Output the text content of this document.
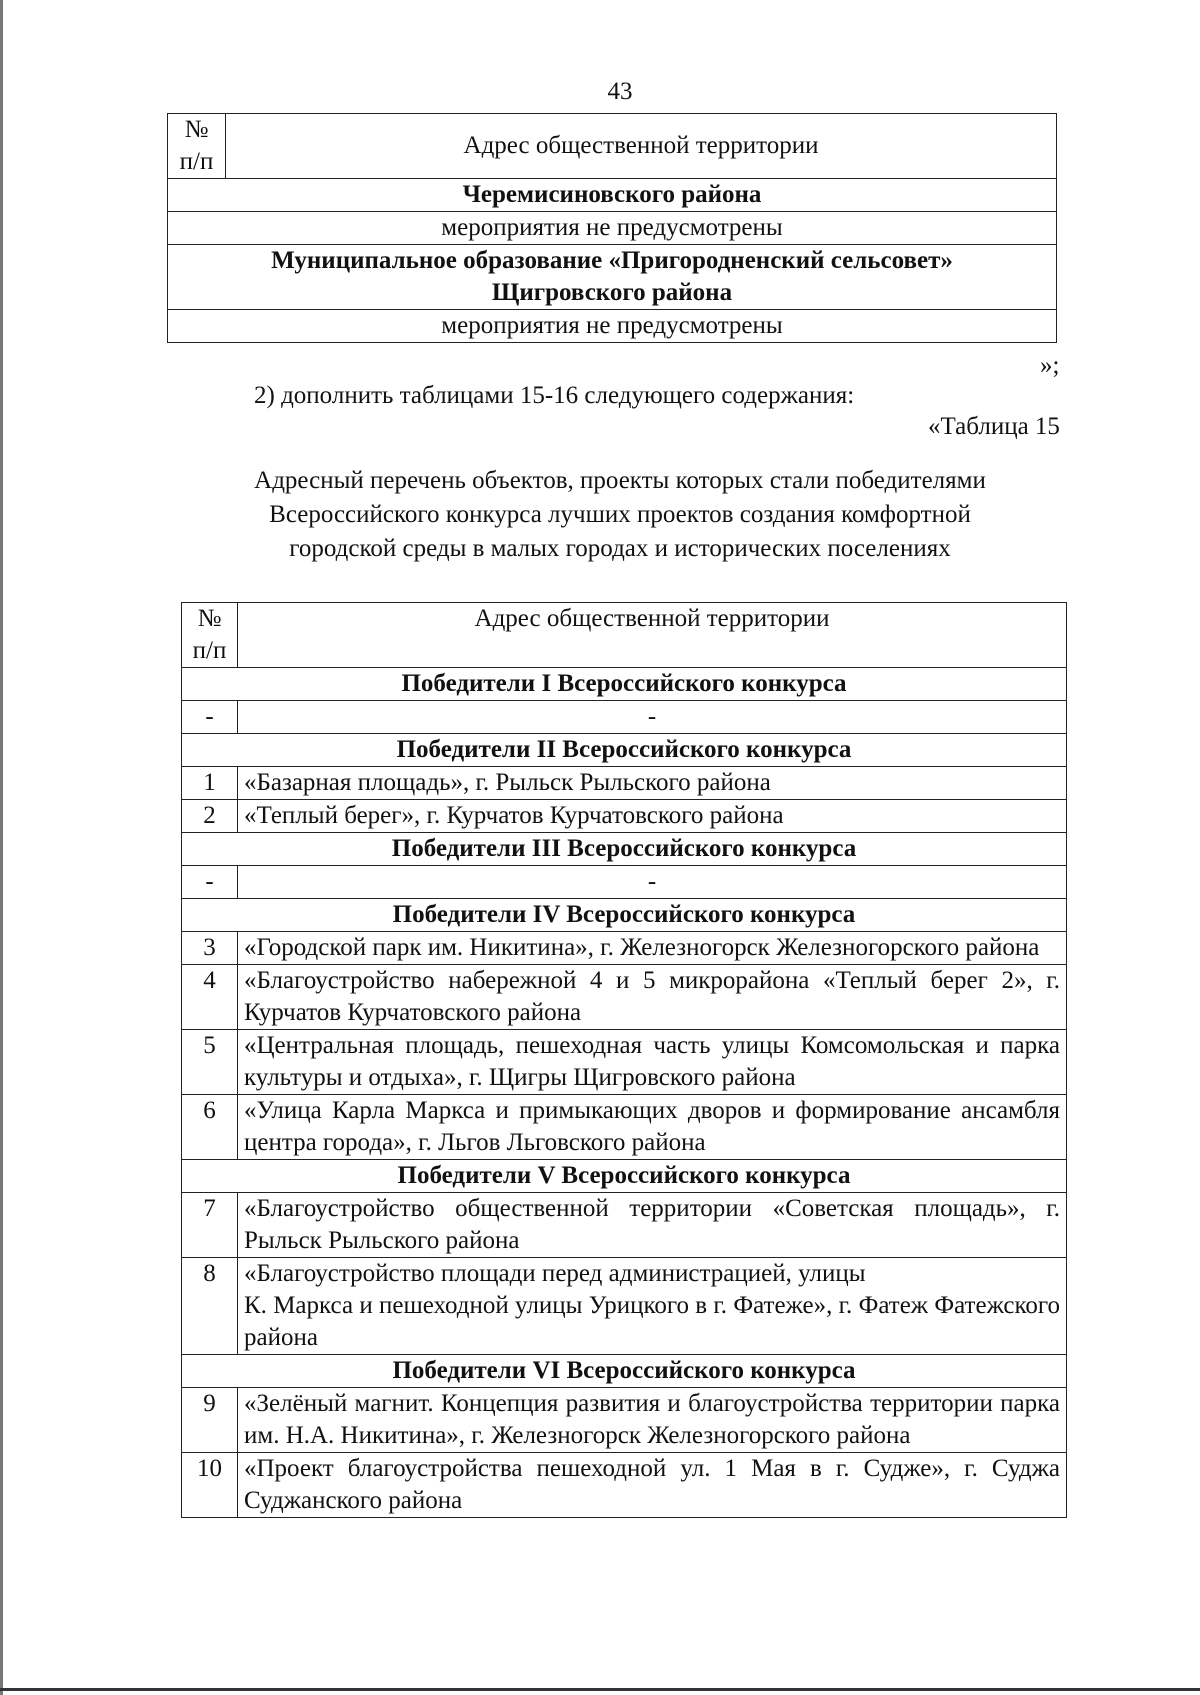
43
№
п/п	Адрес общественной территории
Черемисиновского района
мероприятия не предусмотрены
Муниципальное образование «Пригородненский сельсовет»
Щигровского района
мероприятия не предусмотрены
»;
2) дополнить таблицами 15-16 следующего содержания:
«Таблица 15
Адресный перечень объектов, проекты которых стали победителями
Всероссийского конкурса лучших проектов создания комфортной
городской среды в малых городах и исторических поселениях
№
п/п	Адрес общественной территории
Победители I Всероссийского конкурса	
-	-
Победители II Всероссийского конкурса	
1	«Базарная площадь», г. Рыльск Рыльского района
2	«Теплый берег», г. Курчатов Курчатовского района
Победители III Всероссийского конкурса	
-	-
Победители IV Всероссийского конкурса	
3	«Городской парк им. Никитина», г. Железногорск Железногорского района
4	«Благоустройство набережной 4 и 5 микрорайона «Теплый берег 2», г. Курчатов Курчатовского района
5	«Центральная площадь, пешеходная часть улицы Комсомольская и парка культуры и отдыха», г. Щигры Щигровского района
6	«Улица Карла Маркса и примыкающих дворов и формирование ансамбля центра города», г. Льгов Льговского района
Победители V Всероссийского конкурса	
7	«Благоустройство общественной территории «Советская площадь», г. Рыльск Рыльского района
8	«Благоустройство площади перед администрацией, улицы
К. Маркса и пешеходной улицы Урицкого в г. Фатеже», г. Фатеж Фатежского района
Победители VI Всероссийского конкурса	
9	«Зелёный магнит. Концепция развития и благоустройства территории парка им. Н.А. Никитина», г. Железногорск Железногорского района
10	«Проект благоустройства пешеходной ул. 1 Мая в г. Судже», г. Суджа Суджанского района
